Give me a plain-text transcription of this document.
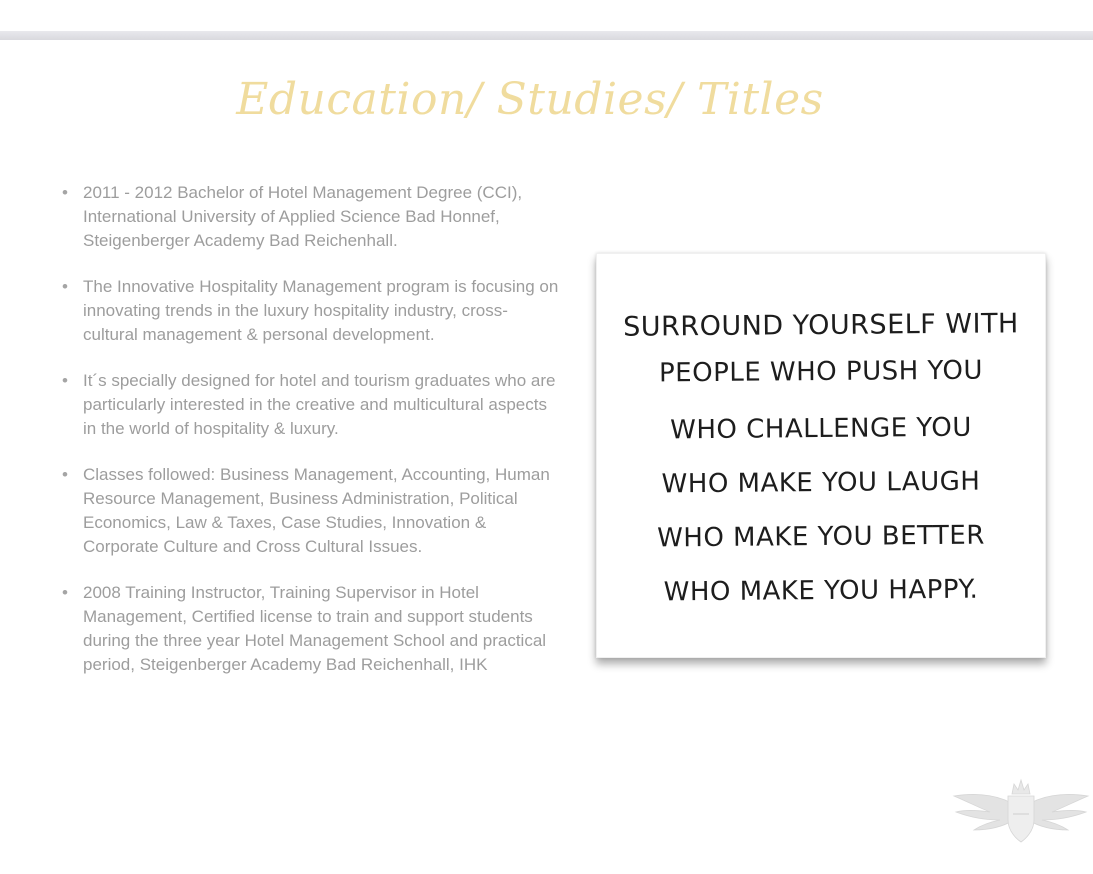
Education/ Studies/ Titles
• 2011 - 2012 Bachelor of Hotel Management Degree (CCI), International University of Applied Science Bad Honnef, Steigenberger Academy Bad Reichenhall.
• The Innovative Hospitality Management program is focusing on innovating trends in the luxury hospitality industry, cross-cultural management & personal development.
• It´s specially designed for hotel and tourism graduates who are particularly interested in the creative and multicultural aspects in the world of hospitality & luxury.
• Classes followed: Business Management, Accounting, Human Resource Management, Business Administration, Political Economics, Law & Taxes, Case Studies, Innovation & Corporate Culture and Cross Cultural Issues.
• 2008 Training Instructor, Training Supervisor in Hotel Management, Certified license to train and support students during the three year Hotel Management School and practical period, Steigenberger Academy Bad Reichenhall, IHK
SURROUND YOURSELF WITH
PEOPLE WHO PUSH YOU
WHO CHALLENGE YOU
WHO MAKE YOU LAUGH
WHO MAKE YOU BETTER
WHO MAKE YOU HAPPY.
